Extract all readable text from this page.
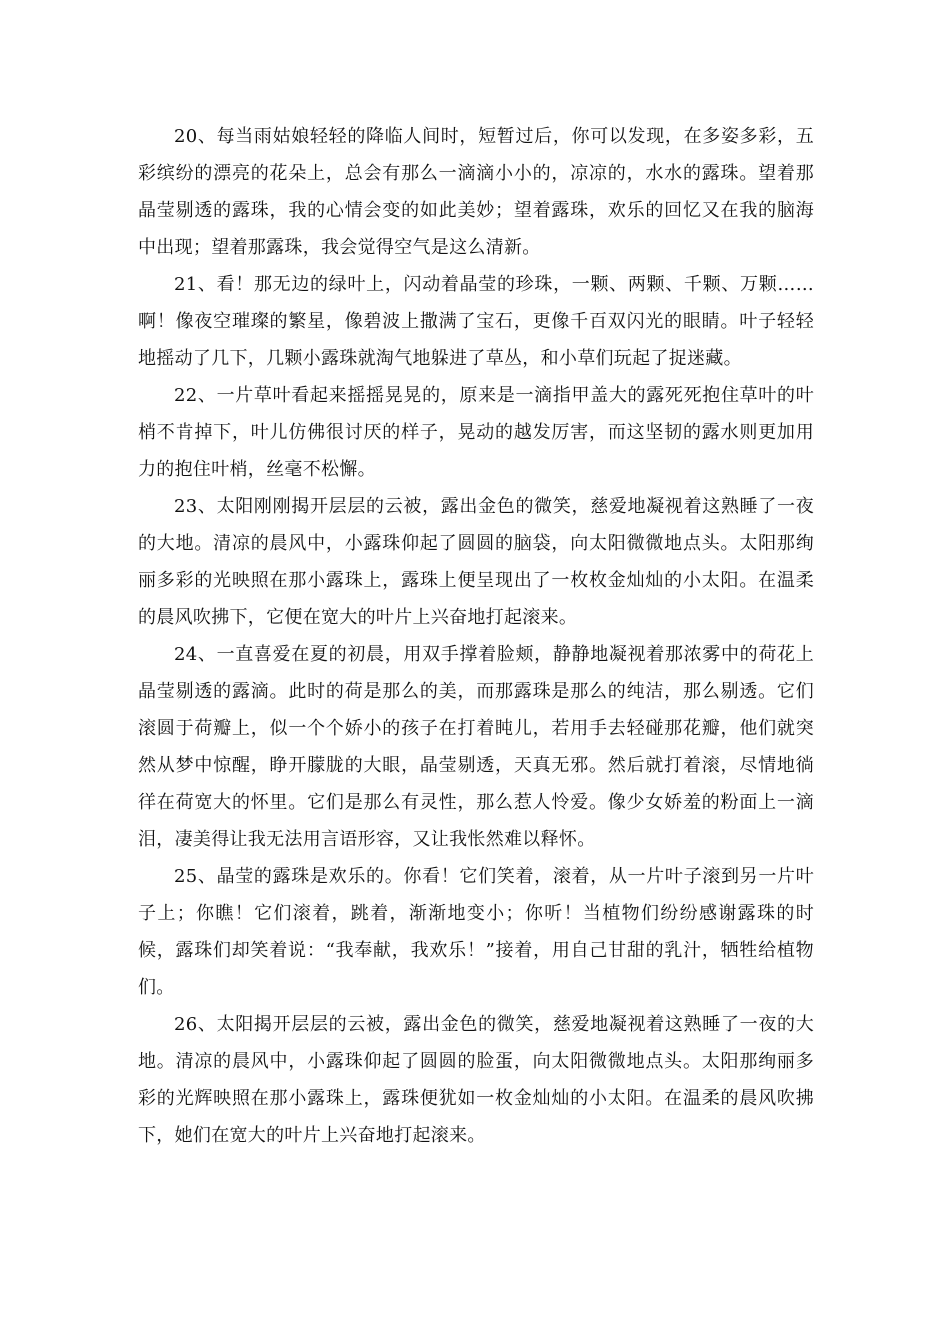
20、每当雨姑娘轻轻的降临人间时，短暂过后，你可以发现，在多姿多彩，五彩缤纷的漂亮的花朵上，总会有那么一滴滴小小的，凉凉的，水水的露珠。望着那晶莹剔透的露珠，我的心情会变的如此美妙；望着露珠，欢乐的回忆又在我的脑海中出现；望着那露珠，我会觉得空气是这么清新。

21、看！那无边的绿叶上，闪动着晶莹的珍珠，一颗、两颗、千颗、万颗……啊！像夜空璀璨的繁星，像碧波上撒满了宝石，更像千百双闪光的眼睛。叶子轻轻地摇动了几下，几颗小露珠就淘气地躲进了草丛，和小草们玩起了捉迷藏。

22、一片草叶看起来摇摇晃晃的，原来是一滴指甲盖大的露死死抱住草叶的叶梢不肯掉下，叶儿仿佛很讨厌的样子，晃动的越发厉害，而这坚韧的露水则更加用力的抱住叶梢，丝毫不松懈。

23、太阳刚刚揭开层层的云被，露出金色的微笑，慈爱地凝视着这熟睡了一夜的大地。清凉的晨风中，小露珠仰起了圆圆的脑袋，向太阳微微地点头。太阳那绚丽多彩的光映照在那小露珠上，露珠上便呈现出了一枚枚金灿灿的小太阳。在温柔的晨风吹拂下，它便在宽大的叶片上兴奋地打起滚来。

24、一直喜爱在夏的初晨，用双手撑着脸颊，静静地凝视着那浓雾中的荷花上晶莹剔透的露滴。此时的荷是那么的美，而那露珠是那么的纯洁，那么剔透。它们滚圆于荷瓣上，似一个个娇小的孩子在打着盹儿，若用手去轻碰那花瓣，他们就突然从梦中惊醒，睁开朦胧的大眼，晶莹剔透，天真无邪。然后就打着滚，尽情地徜徉在荷宽大的怀里。它们是那么有灵性，那么惹人怜爱。像少女娇羞的粉面上一滴泪，凄美得让我无法用言语形容，又让我怅然难以释怀。

25、晶莹的露珠是欢乐的。你看！它们笑着，滚着，从一片叶子滚到另一片叶子上；你瞧！它们滚着，跳着，渐渐地变小；你听！当植物们纷纷感谢露珠的时候，露珠们却笑着说：“我奉献，我欢乐！”接着，用自己甘甜的乳汁，牺牲给植物们。

26、太阳揭开层层的云被，露出金色的微笑，慈爱地凝视着这熟睡了一夜的大地。清凉的晨风中，小露珠仰起了圆圆的脸蛋，向太阳微微地点头。太阳那绚丽多彩的光辉映照在那小露珠上，露珠便犹如一枚金灿灿的小太阳。在温柔的晨风吹拂下，她们在宽大的叶片上兴奋地打起滚来。
